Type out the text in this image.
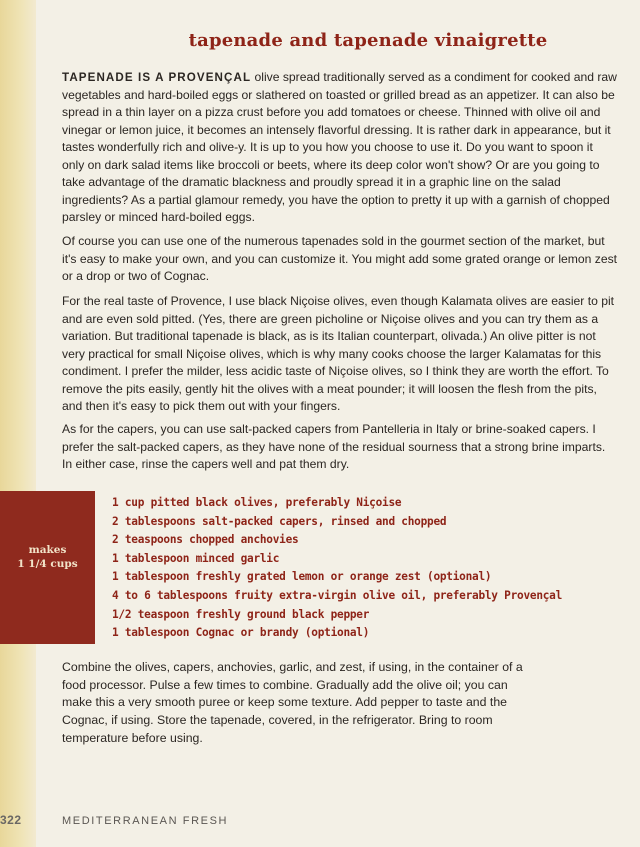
tapenade and tapenade vinaigrette

TAPENADE IS A PROVENÇAL olive spread traditionally served as a condiment for cooked and raw vegetables and hard-boiled eggs or slathered on toasted or grilled bread as an appetizer. It can also be spread in a thin layer on a pizza crust before you add tomatoes or cheese. Thinned with olive oil and vinegar or lemon juice, it becomes an intensely flavorful dressing. It is rather dark in appearance, but it tastes wonderfully rich and olive-y. It is up to you how you choose to use it. Do you want to spoon it only on dark salad items like broccoli or beets, where its deep color won't show? Or are you going to take advantage of the dramatic blackness and proudly spread it in a graphic line on the salad ingredients? As a partial glamour remedy, you have the option to pretty it up with a garnish of chopped parsley or minced hard-boiled eggs.

Of course you can use one of the numerous tapenades sold in the gourmet section of the market, but it's easy to make your own, and you can customize it. You might add some grated orange or lemon zest or a drop or two of Cognac.

For the real taste of Provence, I use black Niçoise olives, even though Kalamata olives are easier to pit and are even sold pitted. (Yes, there are green picholine or Niçoise olives and you can try them as a variation. But traditional tapenade is black, as is its Italian counterpart, olivada.) An olive pitter is not very practical for small Niçoise olives, which is why many cooks choose the larger Kalamatas for this condiment. I prefer the milder, less acidic taste of Niçoise olives, so I think they are worth the effort. To remove the pits easily, gently hit the olives with a meat pounder; it will loosen the flesh from the pits, and then it's easy to pick them out with your fingers.

As for the capers, you can use salt-packed capers from Pantelleria in Italy or brine-soaked capers. I prefer the salt-packed capers, as they have none of the residual sourness that a strong brine imparts. In either case, rinse the capers well and pat them dry.

makes
1 1/4 cups
1 cup pitted black olives, preferably Niçoise
2 tablespoons salt-packed capers, rinsed and chopped
2 teaspoons chopped anchovies
1 tablespoon minced garlic
1 tablespoon freshly grated lemon or orange zest (optional)
4 to 6 tablespoons fruity extra-virgin olive oil, preferably Provençal
1/2 teaspoon freshly ground black pepper
1 tablespoon Cognac or brandy (optional)

Combine the olives, capers, anchovies, garlic, and zest, if using, in the container of a food processor. Pulse a few times to combine. Gradually add the olive oil; you can make this a very smooth puree or keep some texture. Add pepper to taste and the Cognac, if using. Store the tapenade, covered, in the refrigerator. Bring to room temperature before using.

322	MEDITERRANEAN FRESH
